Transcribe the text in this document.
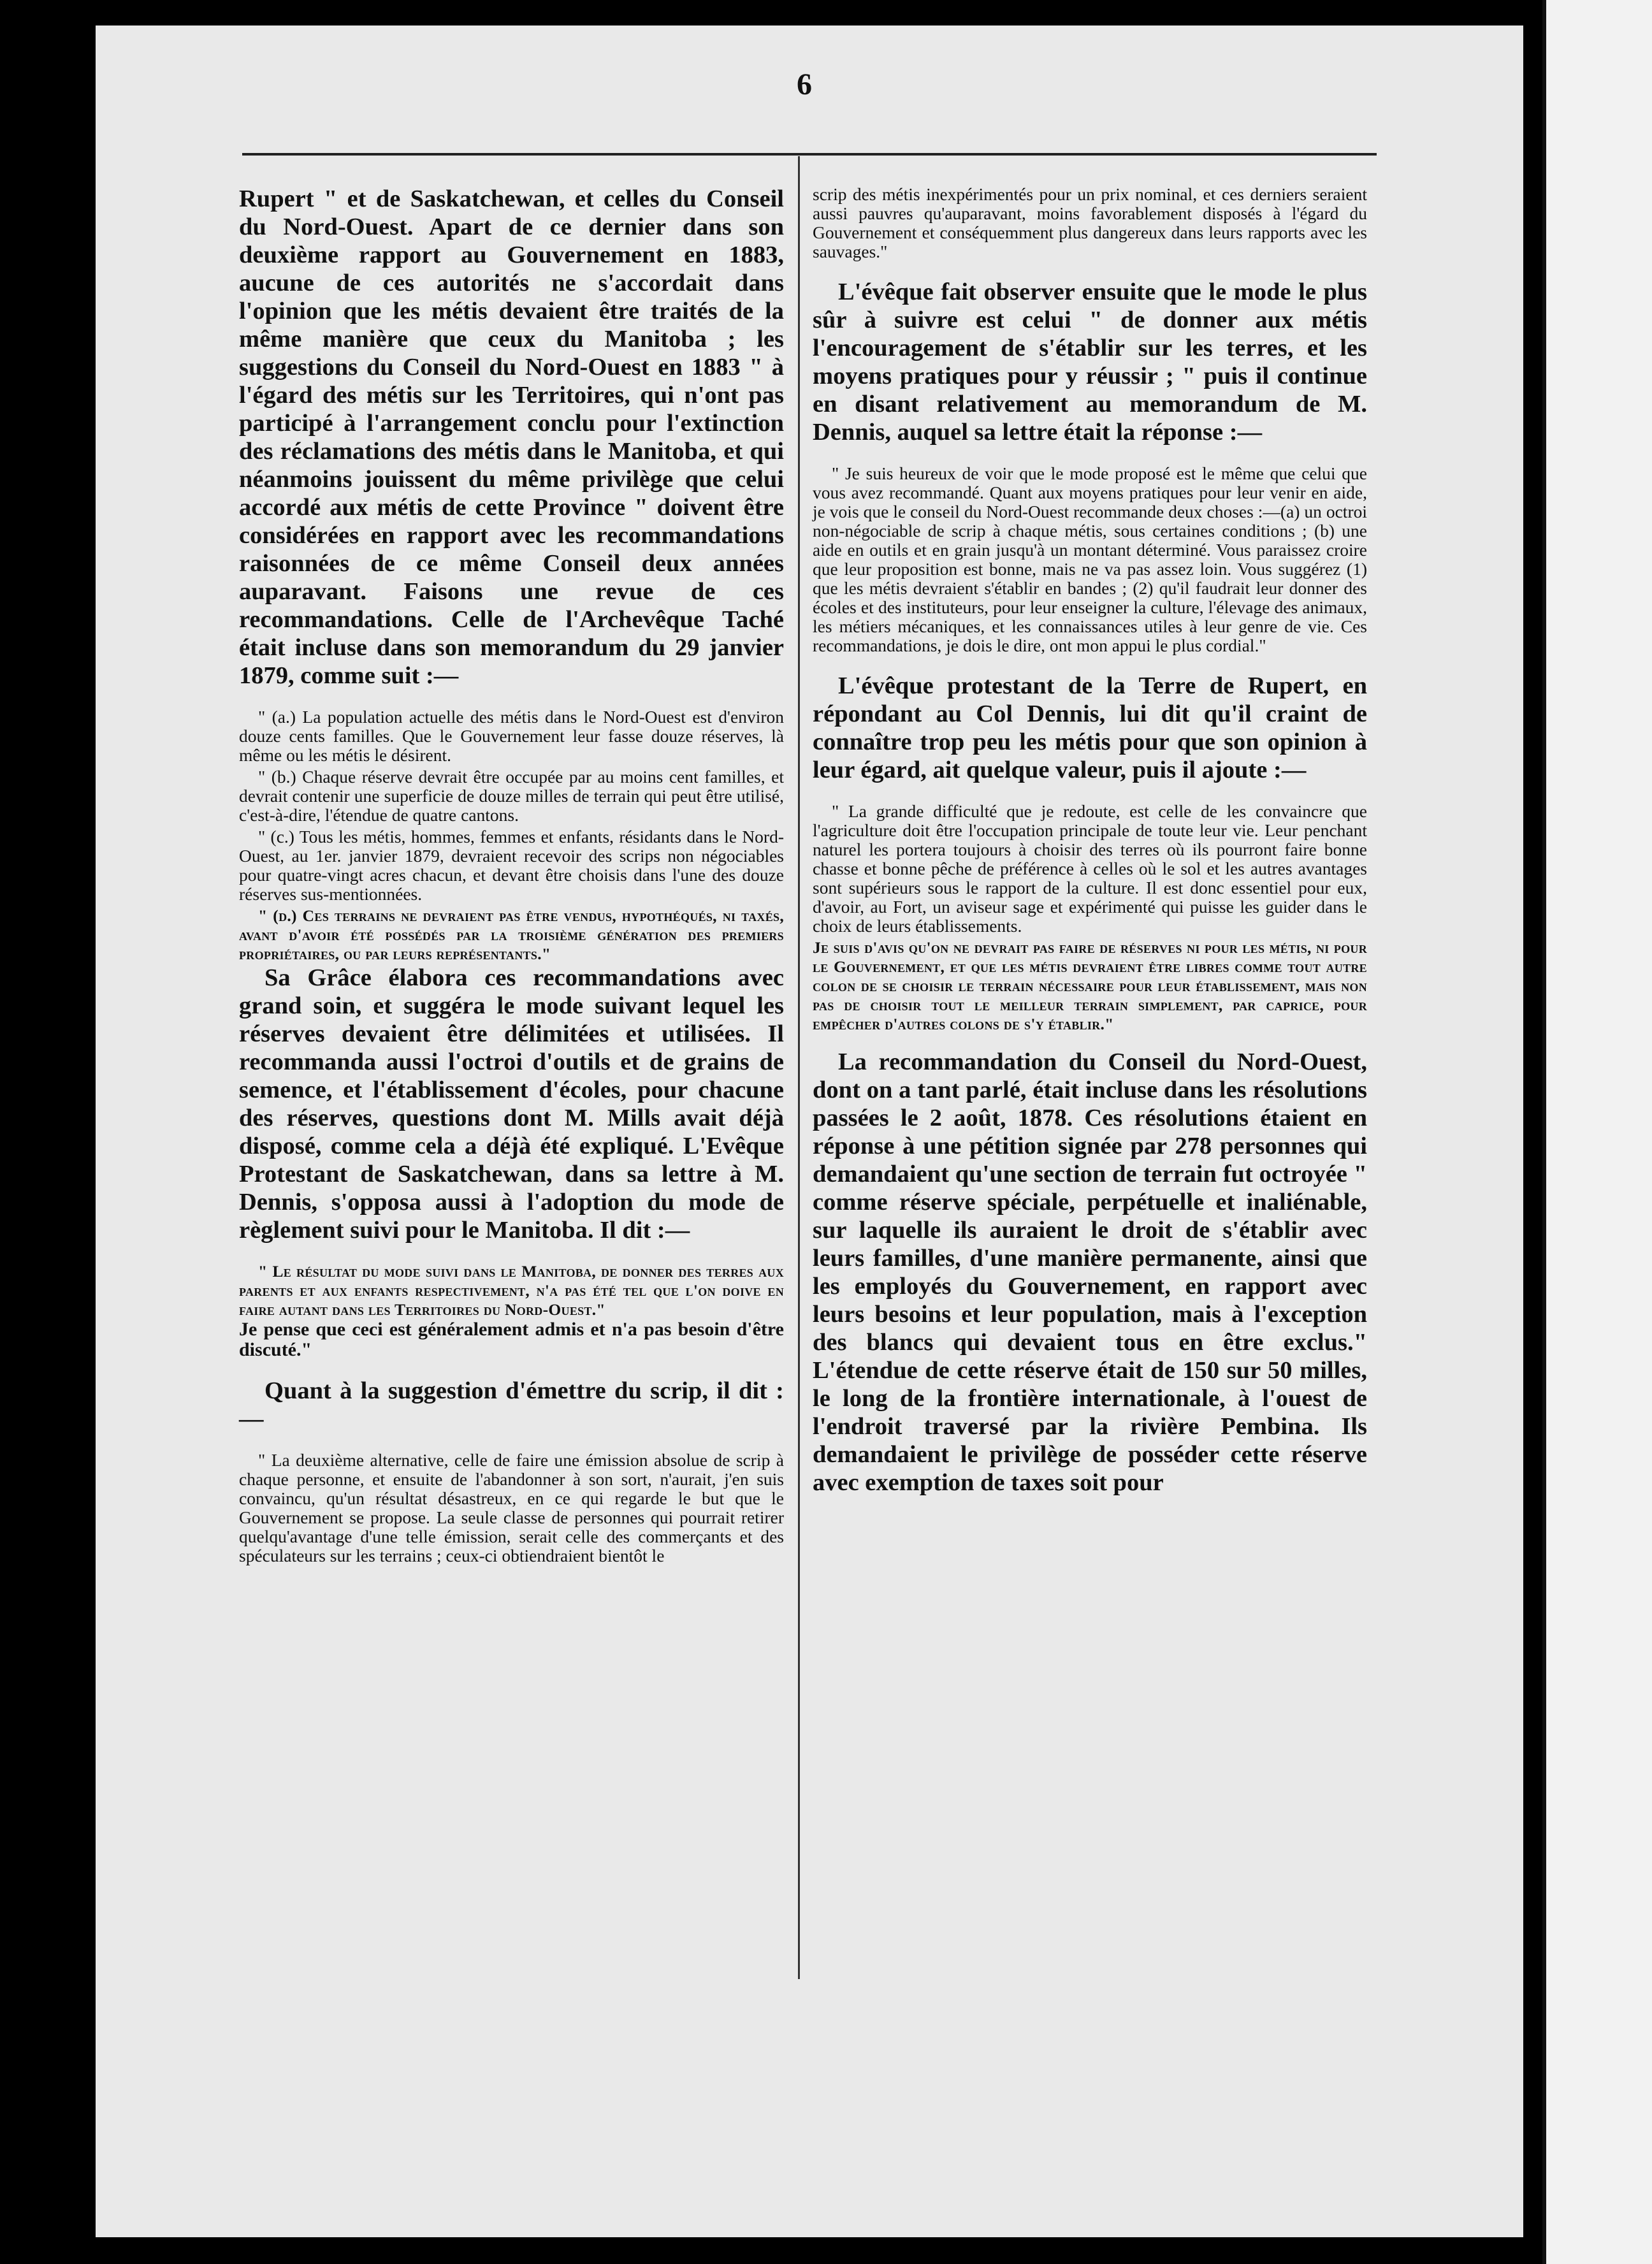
6

Rupert " et de Saskatchewan, et celles du Conseil du Nord-Ouest. Apart de ce dernier dans son deuxième rapport au Gouvernement en 1883, aucune de ces autorités ne s'accordait dans l'opinion que les métis devaient être traités de la même manière que ceux du Manitoba ; les suggestions du Conseil du Nord-Ouest en 1883 " à l'égard des métis sur les Territoires, qui n'ont pas participé à l'arrangement conclu pour l'extinction des réclamations des métis dans le Manitoba, et qui néanmoins jouissent du même privilège que celui accordé aux métis de cette Province " doivent être considérées en rapport avec les recommandations raisonnées de ce même Conseil deux années auparavant. Faisons une revue de ces recommandations. Celle de l'Archevêque Taché était incluse dans son memorandum du 29 janvier 1879, comme suit :—

" (a.) La population actuelle des métis dans le Nord-Ouest est d'environ douze cents familles. Que le Gouvernement leur fasse douze réserves, là même ou les métis le désirent.

" (b.) Chaque réserve devrait être occupée par au moins cent familles, et devrait contenir une superficie de douze milles de terrain qui peut être utilisé, c'est-à-dire, l'étendue de quatre cantons.

" (c.) Tous les métis, hommes, femmes et enfants, résidants dans le Nord-Ouest, au 1er. janvier 1879, devraient recevoir des scrips non négociables pour quatre-vingt acres chacun, et devant être choisis dans l'une des douze réserves sus-mentionnées.

" (d.) Ces terrains ne devraient pas être vendus, hypothéqués, ni taxés, avant d'avoir été possédés par la troisième génération des premiers propriétaires, ou par leurs représentants."

Sa Grâce élabora ces recommandations avec grand soin, et suggéra le mode suivant lequel les réserves devaient être délimitées et utilisées. Il recommanda aussi l'octroi d'outils et de grains de semence, et l'établissement d'écoles, pour chacune des réserves, questions dont M. Mills avait déjà disposé, comme cela a déjà été expliqué. L'Evêque Protestant de Saskatchewan, dans sa lettre à M. Dennis, s'opposa aussi à l'adoption du mode de règlement suivi pour le Manitoba. Il dit :—

" Le résultat du mode suivi dans le Manitoba, de donner des terres aux parents et aux enfants respectivement, n'a pas été tel que l'on doive en faire autant dans les Territoires du Nord-Ouest."

Je pense que ceci est généralement admis et n'a pas besoin d'être discuté."

Quant à la suggestion d'émettre du scrip, il dit :—

" La deuxième alternative, celle de faire une émission absolue de scrip à chaque personne, et ensuite de l'abandonner à son sort, n'aurait, j'en suis convaincu, qu'un résultat désastreux, en ce qui regarde le but que le Gouvernement se propose. La seule classe de personnes qui pourrait retirer quelqu'avantage d'une telle émission, serait celle des commerçants et des spéculateurs sur les terrains ; ceux-ci obtiendraient bientôt le

scrip des métis inexpérimentés pour un prix nominal, et ces derniers seraient aussi pauvres qu'auparavant, moins favorablement disposés à l'égard du Gouvernement et conséquemment plus dangereux dans leurs rapports avec les sauvages."

L'évêque fait observer ensuite que le mode le plus sûr à suivre est celui " de donner aux métis l'encouragement de s'établir sur les terres, et les moyens pratiques pour y réussir ; " puis il continue en disant relativement au memorandum de M. Dennis, auquel sa lettre était la réponse :—

" Je suis heureux de voir que le mode proposé est le même que celui que vous avez recommandé. Quant aux moyens pratiques pour leur venir en aide, je vois que le conseil du Nord-Ouest recommande deux choses :—(a) un octroi non-négociable de scrip à chaque métis, sous certaines conditions ; (b) une aide en outils et en grain jusqu'à un montant déterminé. Vous paraissez croire que leur proposition est bonne, mais ne va pas assez loin. Vous suggérez (1) que les métis devraient s'établir en bandes ; (2) qu'il faudrait leur donner des écoles et des instituteurs, pour leur enseigner la culture, l'élevage des animaux, les métiers mécaniques, et les connaissances utiles à leur genre de vie. Ces recommandations, je dois le dire, ont mon appui le plus cordial."

L'évêque protestant de la Terre de Rupert, en répondant au Col Dennis, lui dit qu'il craint de connaître trop peu les métis pour que son opinion à leur égard, ait quelque valeur, puis il ajoute :—

" La grande difficulté que je redoute, est celle de les convaincre que l'agriculture doit être l'occupation principale de toute leur vie. Leur penchant naturel les portera toujours à choisir des terres où ils pourront faire bonne chasse et bonne pêche de préférence à celles où le sol et les autres avantages sont supérieurs sous le rapport de la culture. Il est donc essentiel pour eux, d'avoir, au Fort, un aviseur sage et expérimenté qui puisse les guider dans le choix de leurs établissements.

Je suis d'avis qu'on ne devrait pas faire de réserves ni pour les métis, ni pour le Gouvernement, et que les métis devraient être libres comme tout autre colon de se choisir le terrain nécessaire pour leur établissement, mais non pas de choisir tout le meilleur terrain simplement, par caprice, pour empêcher d'autres colons de s'y établir."

La recommandation du Conseil du Nord-Ouest, dont on a tant parlé, était incluse dans les résolutions passées le 2 août, 1878. Ces résolutions étaient en réponse à une pétition signée par 278 personnes qui demandaient qu'une section de terrain fut octroyée " comme réserve spéciale, perpétuelle et inaliénable, sur laquelle ils auraient le droit de s'établir avec leurs familles, d'une manière permanente, ainsi que les employés du Gouvernement, en rapport avec leurs besoins et leur population, mais à l'exception des blancs qui devaient tous en être exclus." L'étendue de cette réserve était de 150 sur 50 milles, le long de la frontière internationale, à l'ouest de l'endroit traversé par la rivière Pembina. Ils demandaient le privilège de posséder cette réserve avec exemption de taxes soit pour
